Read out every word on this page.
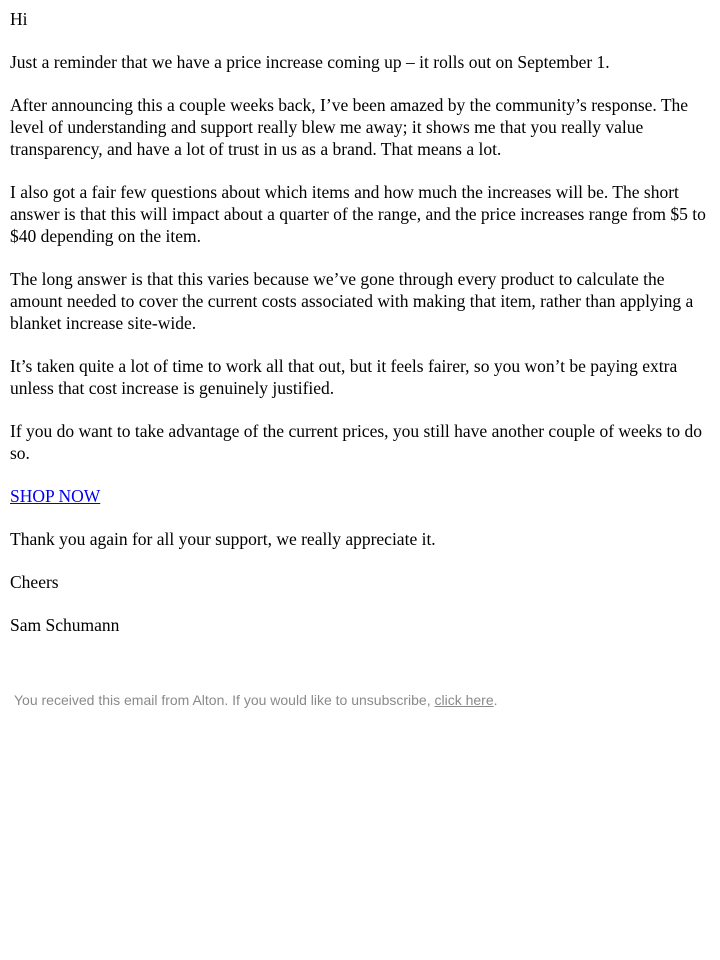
Hi

Just a reminder that we have a price increase coming up – it rolls out on September 1.

After announcing this a couple weeks back, I’ve been amazed by the community’s response. The level of understanding and support really blew me away; it shows me that you really value transparency, and have a lot of trust in us as a brand. That means a lot.

I also got a fair few questions about which items and how much the increases will be. The short answer is that this will impact about a quarter of the range, and the price increases range from $5 to $40 depending on the item.

The long answer is that this varies because we’ve gone through every product to calculate the amount needed to cover the current costs associated with making that item, rather than applying a blanket increase site-wide.

It’s taken quite a lot of time to work all that out, but it feels fairer, so you won’t be paying extra unless that cost increase is genuinely justified.

If you do want to take advantage of the current prices, you still have another couple of weeks to do so.

SHOP NOW

Thank you again for all your support, we really appreciate it.

Cheers

Sam Schumann

You received this email from Alton. If you would like to unsubscribe, click here.
